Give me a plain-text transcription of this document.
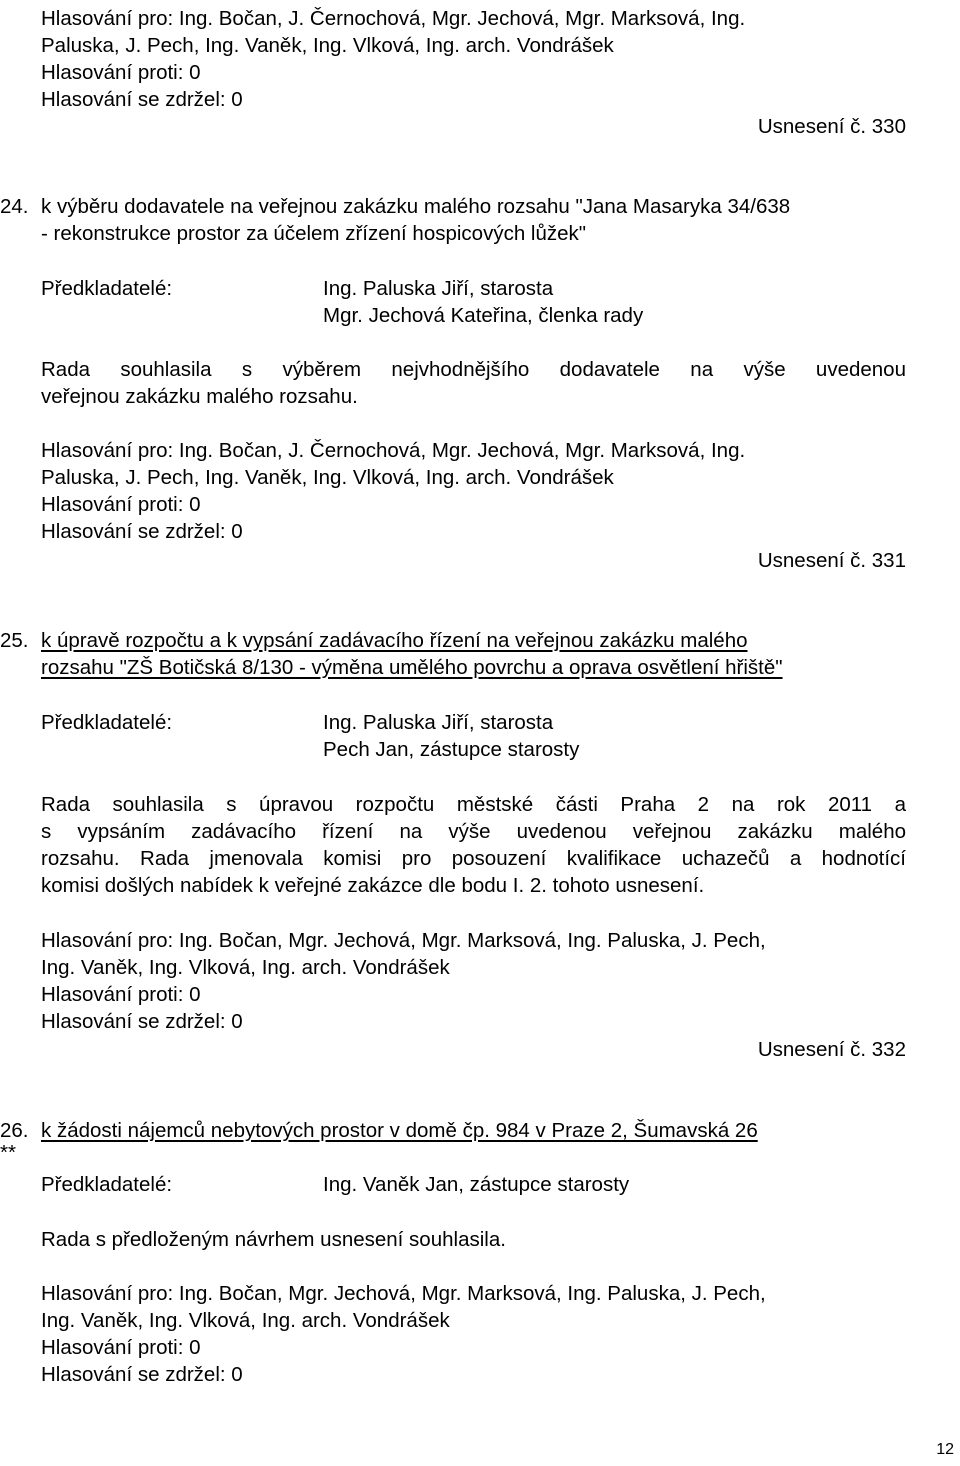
Hlasování pro: Ing. Bočan, J. Černochová, Mgr. Jechová, Mgr. Marksová, Ing.
Paluska, J. Pech, Ing. Vaněk, Ing. Vlková, Ing. arch. Vondrášek
Hlasování proti: 0
Hlasování se zdržel: 0
Usnesení č. 330
24. k výběru dodavatele na veřejnou zakázku malého rozsahu "Jana Masaryka 34/638
- rekonstrukce prostor za účelem zřízení hospicových lůžek"
Předkladatelé:	Ing. Paluska Jiří, starosta
Mgr. Jechová Kateřina, členka rady
Rada souhlasila s výběrem nejvhodnějšího dodavatele na výše uvedenou
veřejnou zakázku malého rozsahu.
Hlasování pro: Ing. Bočan, J. Černochová, Mgr. Jechová, Mgr. Marksová, Ing.
Paluska, J. Pech, Ing. Vaněk, Ing. Vlková, Ing. arch. Vondrášek
Hlasování proti: 0
Hlasování se zdržel: 0
Usnesení č. 331
25. k úpravě rozpočtu a k vypsání zadávacího řízení na veřejnou zakázku malého
rozsahu "ZŠ Botičská 8/130 - výměna umělého povrchu a oprava osvětlení hřiště"
Předkladatelé:	Ing. Paluska Jiří, starosta
Pech Jan, zástupce starosty
Rada souhlasila s úpravou rozpočtu městské části Praha 2 na rok 2011 a
s vypsáním zadávacího řízení na výše uvedenou veřejnou zakázku malého
rozsahu. Rada jmenovala komisi pro posouzení kvalifikace uchazečů a hodnotící
komisi došlých nabídek k veřejné zakázce dle bodu I. 2. tohoto usnesení.
Hlasování pro: Ing. Bočan, Mgr. Jechová, Mgr. Marksová, Ing. Paluska, J. Pech,
Ing. Vaněk, Ing. Vlková, Ing. arch. Vondrášek
Hlasování proti: 0
Hlasování se zdržel: 0
Usnesení č. 332
26.
**
k žádosti nájemců nebytových prostor v domě čp. 984 v Praze 2, Šumavská 26
Předkladatelé:	Ing. Vaněk Jan, zástupce starosty
Rada s předloženým návrhem usnesení souhlasila.
Hlasování pro: Ing. Bočan, Mgr. Jechová, Mgr. Marksová, Ing. Paluska, J. Pech,
Ing. Vaněk, Ing. Vlková, Ing. arch. Vondrášek
Hlasování proti: 0
Hlasování se zdržel: 0
12
